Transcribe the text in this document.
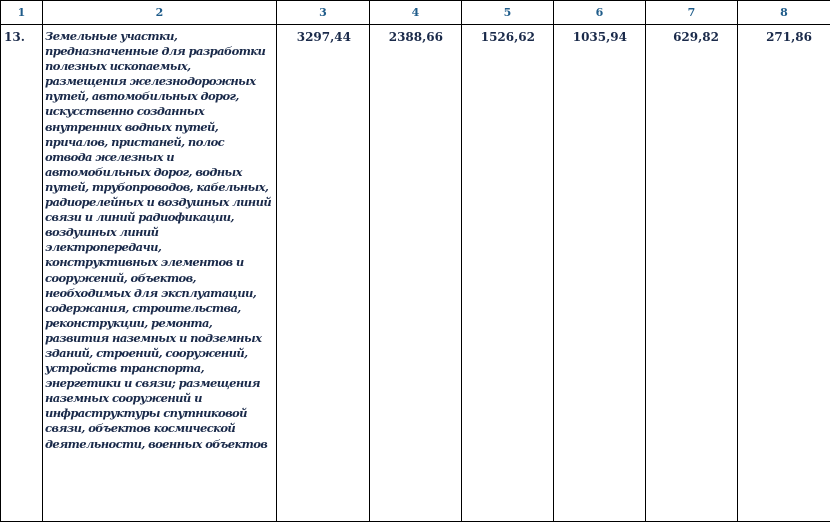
1	2	3	4	5	6	7	8
13.	Земельные участки, предназначенные для разработки полезных ископаемых, размещения железнодорожных путей, автомобильных дорог, искусственно созданных внутренних водных путей, причалов, пристаней, полос отвода железных и автомобильных дорог, водных путей, трубопроводов, кабельных, радиорелейных и воздушных линий связи и линий радиофикации, воздушных линий электропередачи, конструктивных элементов и сооружений, объектов, необходимых для эксплуатации, содержания, строительства, реконструкции, ремонта, развития наземных и подземных зданий, строений, сооружений, устройств транспорта, энергетики и связи; размещения наземных сооружений и инфраструктуры спутниковой связи, объектов космической деятельности, военных объектов	3297,44	2388,66	1526,62	1035,94	629,82	271,86
